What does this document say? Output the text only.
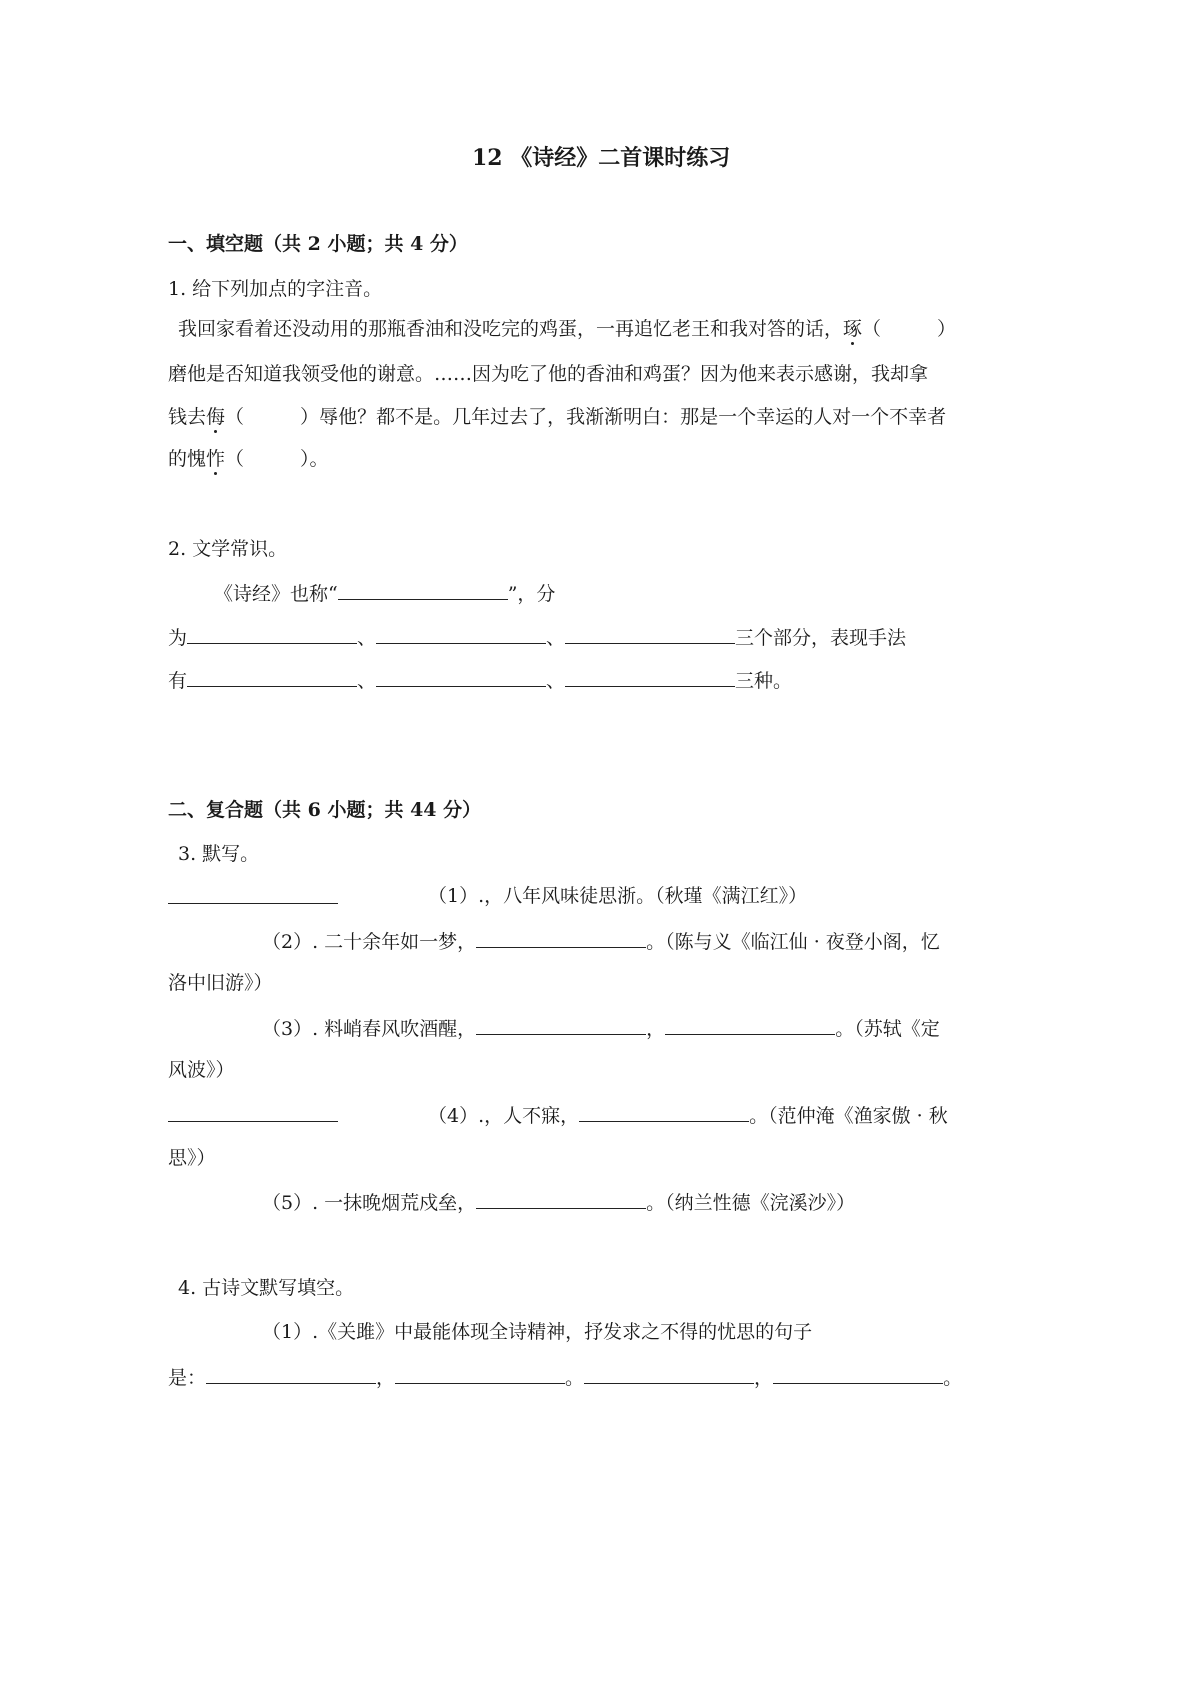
12 《诗经》二首课时练习
一、填空题（共 2 小题；共 4 分）
1. 给下列加点的字注音。
我回家看着还没动用的那瓶香油和没吃完的鸡蛋，一再追忆老王和我对答的话，琢（	）
磨他是否知道我领受他的谢意。……因为吃了他的香油和鸡蛋？因为他来表示感谢，我却拿
钱去侮（	）辱他？都不是。几年过去了，我渐渐明白：那是一个幸运的人对一个不幸者
的愧怍（	）。
2. 文学常识。
《诗经》也称“	”，分
为	、	、	三个部分，表现手法
有	、	、	三种。
二、复合题（共 6 小题；共 44 分）
3. 默写。
（1）.，八年风味徒思浙。（秋瑾《满江红》）
（2）. 二十余年如一梦，	。（陈与义《临江仙 · 夜登小阁，忆
洛中旧游》）
（3）. 料峭春风吹酒醒，	，	。（苏轼《定
风波》）
（4）.，人不寐，	。（范仲淹《渔家傲 · 秋
思》）
（5）. 一抹晚烟荒戍垒，	。（纳兰性德《浣溪沙》）
4. 古诗文默写填空。
（1）.《关雎》中最能体现全诗精神，抒发求之不得的忧思的句子
是：	，	。	，	。
